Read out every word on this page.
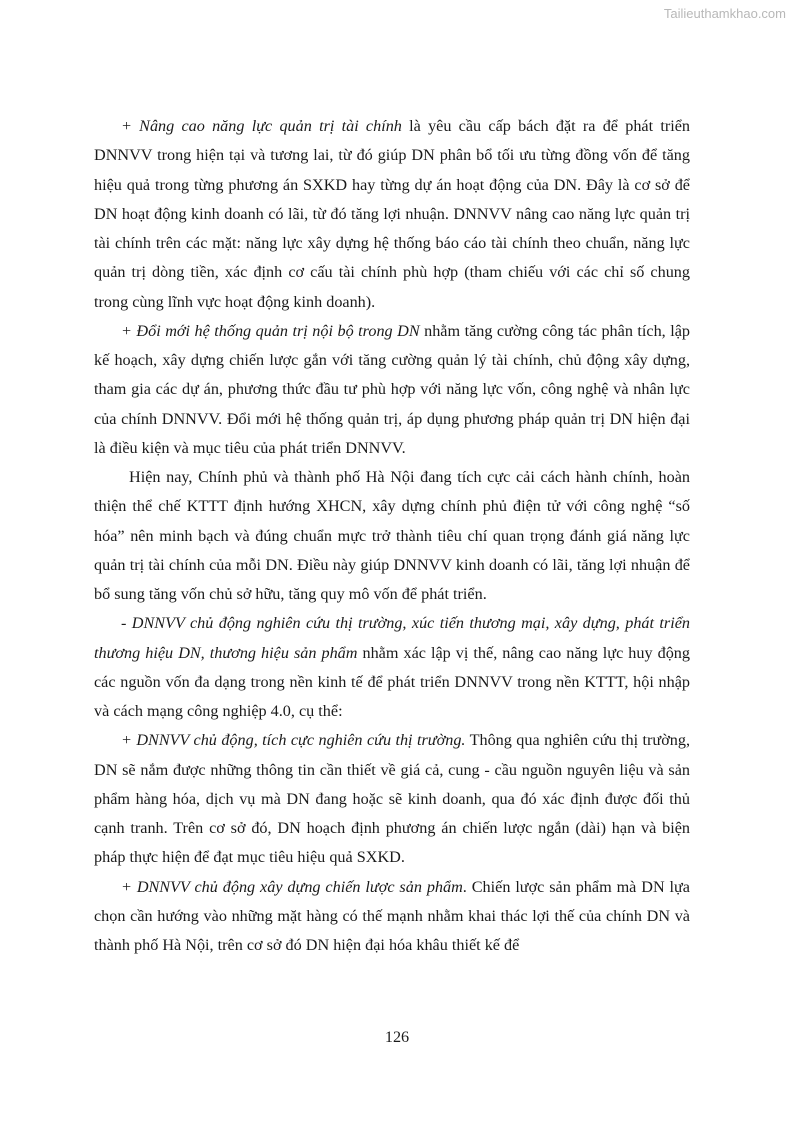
Tailieuthamkhao.com

+ Nâng cao năng lực quản trị tài chính là yêu cầu cấp bách đặt ra để phát triển DNNVV trong hiện tại và tương lai, từ đó giúp DN phân bổ tối ưu từng đồng vốn để tăng hiệu quả trong từng phương án SXKD hay từng dự án hoạt động của DN. Đây là cơ sở để DN hoạt động kinh doanh có lãi, từ đó tăng lợi nhuận. DNNVV nâng cao năng lực quản trị tài chính trên các mặt: năng lực xây dựng hệ thống báo cáo tài chính theo chuẩn, năng lực quản trị dòng tiền, xác định cơ cấu tài chính phù hợp (tham chiếu với các chỉ số chung trong cùng lĩnh vực hoạt động kinh doanh).

+ Đổi mới hệ thống quản trị nội bộ trong DN nhằm tăng cường công tác phân tích, lập kế hoạch, xây dựng chiến lược gắn với tăng cường quản lý tài chính, chủ động xây dựng, tham gia các dự án, phương thức đầu tư phù hợp với năng lực vốn, công nghệ và nhân lực của chính DNNVV. Đổi mới hệ thống quản trị, áp dụng phương pháp quản trị DN hiện đại là điều kiện và mục tiêu của phát triển DNNVV.

Hiện nay, Chính phủ và thành phố Hà Nội đang tích cực cải cách hành chính, hoàn thiện thể chế KTTT định hướng XHCN, xây dựng chính phủ điện tử với công nghệ “số hóa” nên minh bạch và đúng chuẩn mực trở thành tiêu chí quan trọng đánh giá năng lực quản trị tài chính của mỗi DN. Điều này giúp DNNVV kinh doanh có lãi, tăng lợi nhuận để bổ sung tăng vốn chủ sở hữu, tăng quy mô vốn để phát triển.

- DNNVV chủ động nghiên cứu thị trường, xúc tiến thương mại, xây dựng, phát triển thương hiệu DN, thương hiệu sản phẩm nhằm xác lập vị thế, nâng cao năng lực huy động các nguồn vốn đa dạng trong nền kinh tế để phát triển DNNVV trong nền KTTT, hội nhập và cách mạng công nghiệp 4.0, cụ thể:

+ DNNVV chủ động, tích cực nghiên cứu thị trường. Thông qua nghiên cứu thị trường, DN sẽ nắm được những thông tin cần thiết về giá cả, cung - cầu nguồn nguyên liệu và sản phẩm hàng hóa, dịch vụ mà DN đang hoặc sẽ kinh doanh, qua đó xác định được đối thủ cạnh tranh. Trên cơ sở đó, DN hoạch định phương án chiến lược ngắn (dài) hạn và biện pháp thực hiện để đạt mục tiêu hiệu quả SXKD.

+ DNNVV chủ động xây dựng chiến lược sản phẩm. Chiến lược sản phẩm mà DN lựa chọn cần hướng vào những mặt hàng có thế mạnh nhằm khai thác lợi thế của chính DN và thành phố Hà Nội, trên cơ sở đó DN hiện đại hóa khâu thiết kế để

126
